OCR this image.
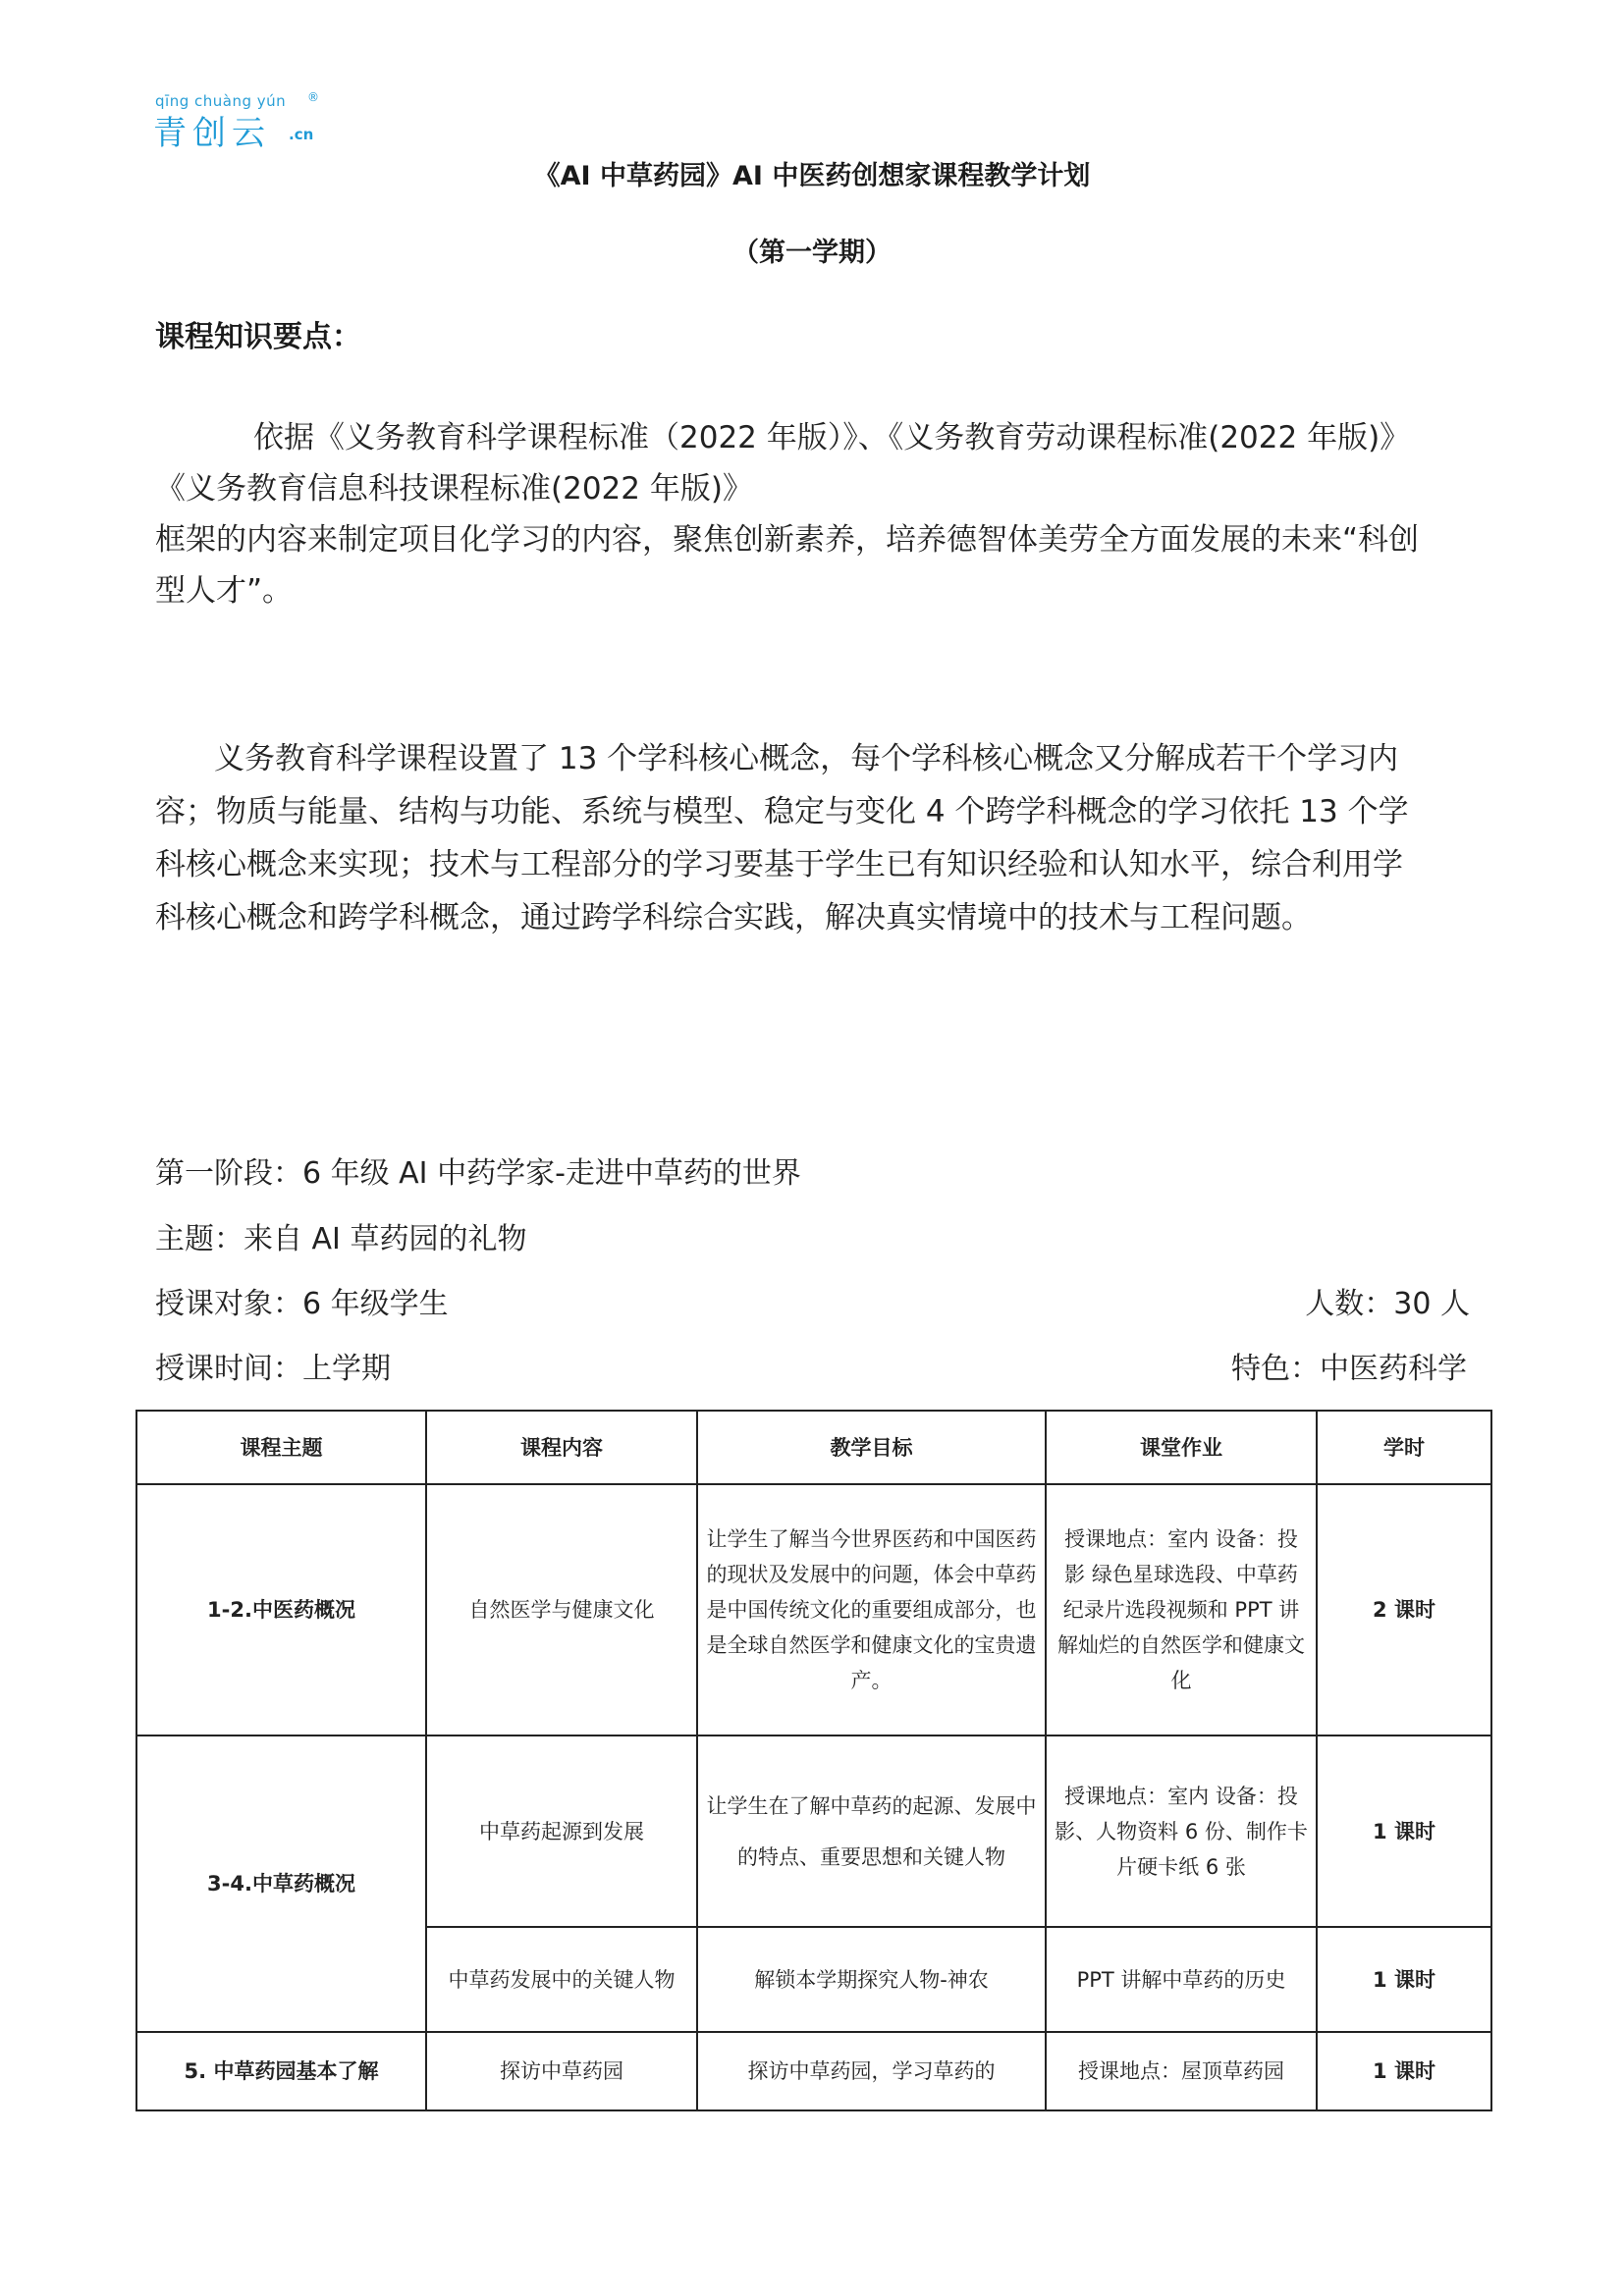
qīng chuàng yún
青创云 .cn
®
《AI 中草药园》AI 中医药创想家课程教学计划
（第一学期）
课程知识要点：
依据《义务教育科学课程标准（2022 年版）》、《义务教育劳动课程标准(2022 年版)》
《义务教育信息科技课程标准(2022 年版)》
框架的内容来制定项目化学习的内容，聚焦创新素养，培养德智体美劳全方面发展的未来“科创型人才”。
义务教育科学课程设置了 13 个学科核心概念，每个学科核心概念又分解成若干个学习内容；物质与能量、结构与功能、系统与模型、稳定与变化 4 个跨学科概念的学习依托 13 个学科核心概念来实现；技术与工程部分的学习要基于学生已有知识经验和认知水平，综合利用学科核心概念和跨学科概念，通过跨学科综合实践，解决真实情境中的技术与工程问题。
第一阶段：6 年级 AI 中药学家-走进中草药的世界
主题：来自 AI 草药园的礼物
授课对象：6 年级学生	人数：30 人
授课时间：上学期	特色：中医药科学
课程主题	课程内容	教学目标	课堂作业	学时
1-2.中医药概况	自然医学与健康文化	让学生了解当今世界医药和中国医药的现状及发展中的问题，体会中草药是中国传统文化的重要组成部分，也是全球自然医学和健康文化的宝贵遗产。	授课地点：室内 设备：投影 绿色星球选段、中草药纪录片选段视频和 PPT 讲解灿烂的自然医学和健康文化	2 课时
3-4.中草药概况	中草药起源到发展	让学生在了解中草药的起源、发展中的特点、重要思想和关键人物	授课地点：室内 设备：投影、人物资料 6 份、制作卡片硬卡纸 6 张	1 课时
	中草药发展中的关键人物	解锁本学期探究人物-神农	PPT 讲解中草药的历史	1 课时
5. 中草药园基本了解	探访中草药园	探访中草药园，学习草药的	授课地点：屋顶草药园	1 课时
